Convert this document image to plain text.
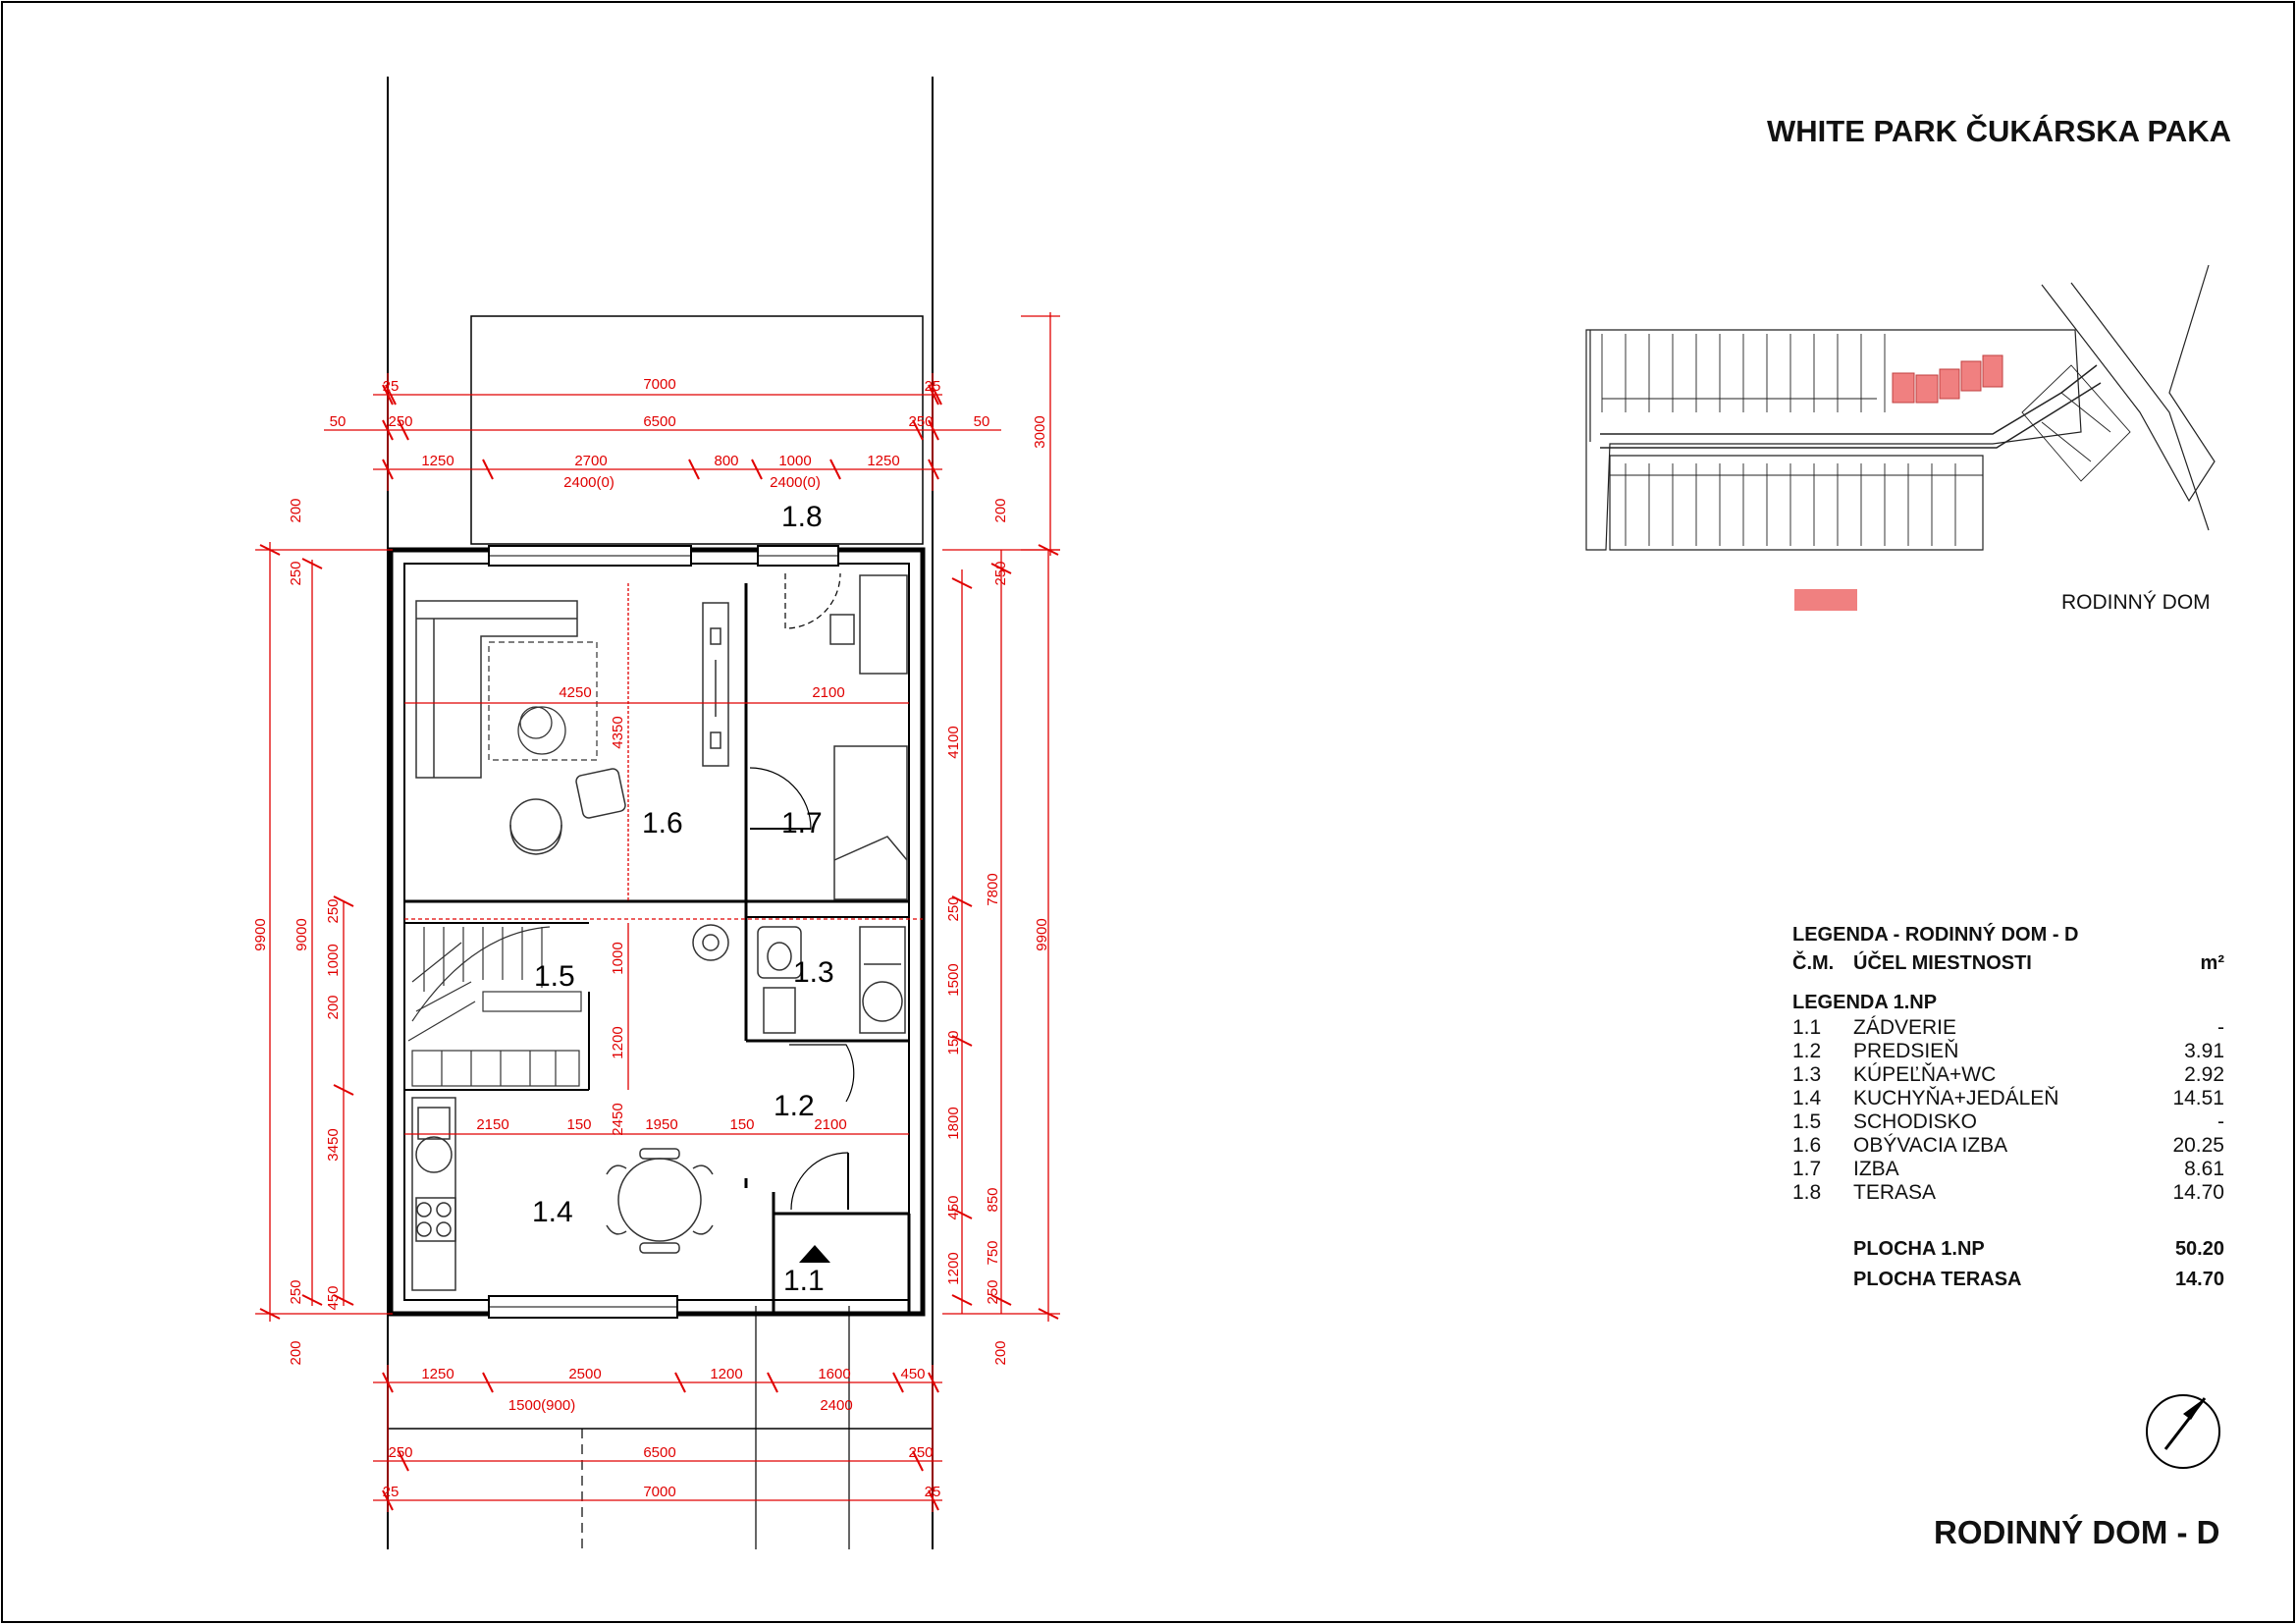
1.8
1.6	1.7
1.5	1.3
1.2
1.4
1.1
7000
25	25
6500
50	50
250	250
1250	2700	800	1000	1250
2400(0)	2400(0)
3000
1250	2500	1200	1600	450
1500(900)	2400
6500
250	250
7000
25	25
9900 9000
3450
1000
200
200
250
250 450
250
200
9900
7800
4100
1500
1800
1200 750
450
200
200
250
250
250
150
850
4250
4350
2100
2150	1950
150	150	2100
2450
1200
1000
WHITE PARK ČUKÁRSKA PAKA
RODINNÝ DOM
LEGENDA - RODINNÝ DOM - D
Č.M. ÚČEL MIESTNOSTI	m²
LEGENDA 1.NP
1.1	ZÁDVERIE	-
1.2	PREDSIEŇ	3.91
1.3	KÚPEĽŇA+WC	2.92
1.4	KUCHYŇA+JEDÁLEŇ	14.51
1.5	SCHODISKO	-
1.6	OBÝVACIA IZBA	20.25
1.7	IZBA	8.61
1.8	TERASA	14.70
PLOCHA 1.NP	50.20
PLOCHA TERASA	14.70
RODINNÝ DOM - D
